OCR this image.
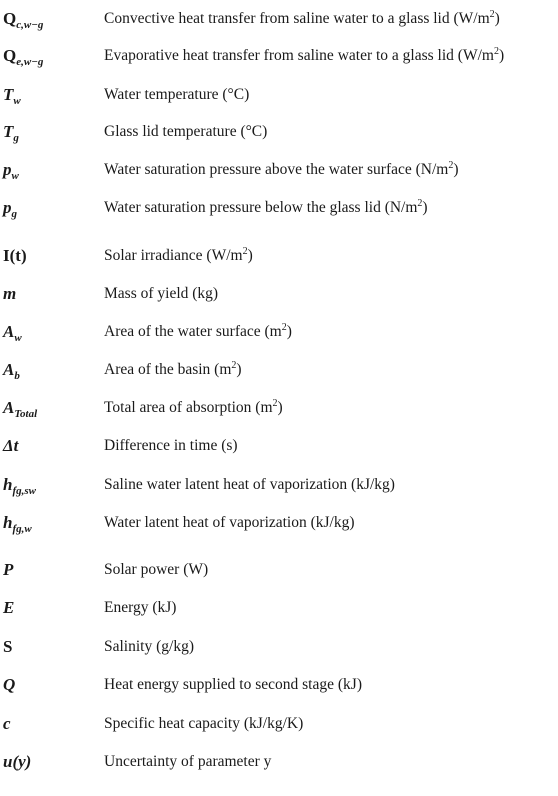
$Q_{c,w-g}$	Convective heat transfer from saline water to a glass lid $(W/m^2)$
$Q_{e,w-g}$	Evaporative heat transfer from saline water to a glass lid $(W/m^2)$
$T_w$	Water temperature (°C)
$T_g$	Glass lid temperature (°C)
$p_w$	Water saturation pressure above the water surface $(N/m^2)$
$p_g$	Water saturation pressure below the glass lid $(N/m^2)$
I(t)	Solar irradiance $(W/m^2)$
m	Mass of yield (kg)
$A_w$	Area of the water surface $(m^2)$
$A_b$	Area of the basin $(m^2)$
$A_{Total}$	Total area of absorption $(m^2)$
Δt	Difference in time (s)
$h_{fg,sw}$	Saline water latent heat of vaporization (kJ/kg)
$h_{fg,w}$	Water latent heat of vaporization (kJ/kg)
P	Solar power (W)
E	Energy (kJ)
S	Salinity (g/kg)
Q	Heat energy supplied to second stage (kJ)
c	Specific heat capacity (kJ/kg/K)
u(y)	Uncertainty of parameter y
